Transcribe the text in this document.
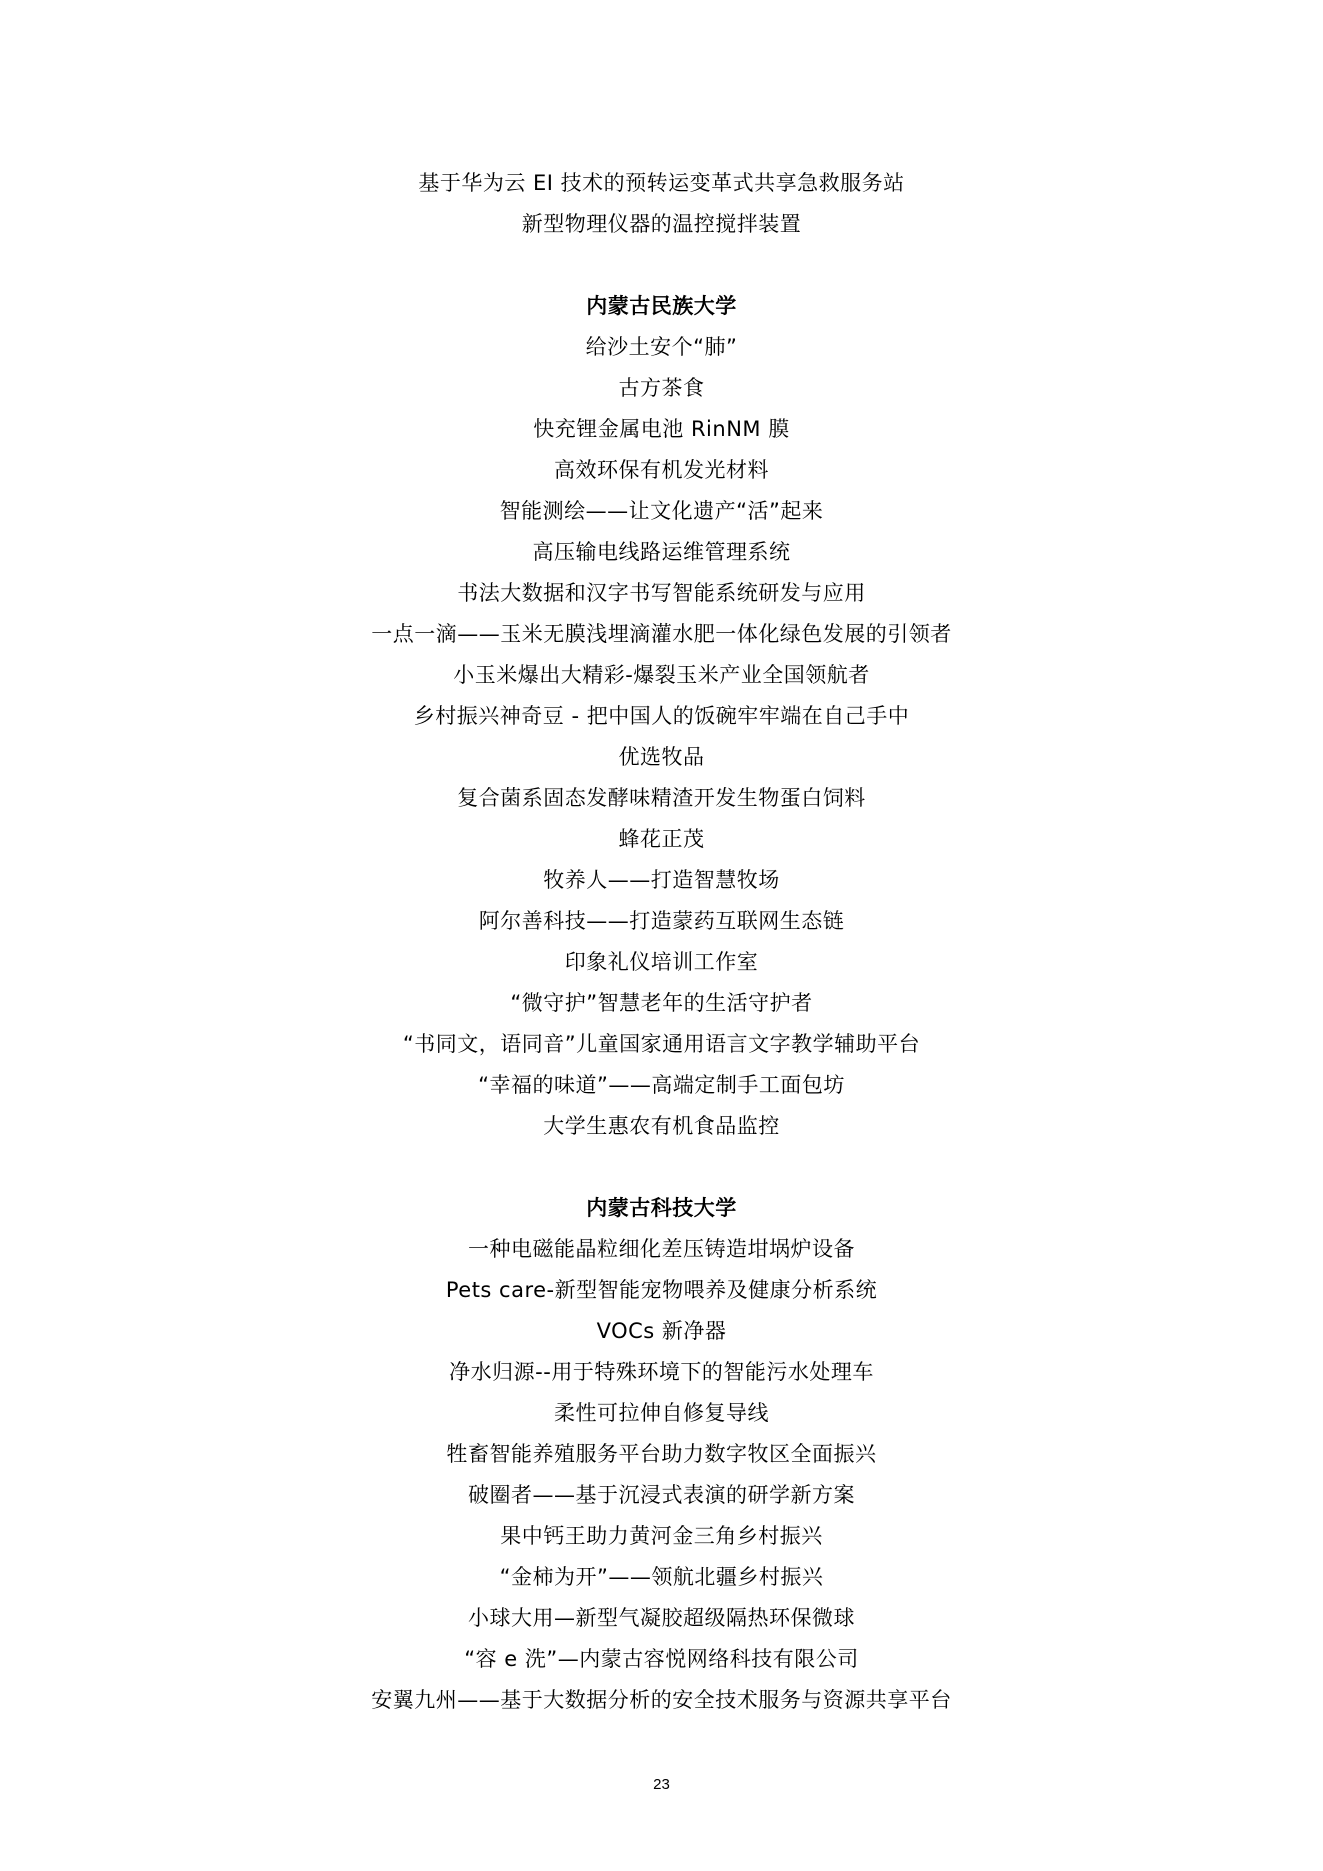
基于华为云 EI 技术的预转运变革式共享急救服务站
新型物理仪器的温控搅拌装置
内蒙古民族大学
给沙土安个“肺”
古方茶食
快充锂金属电池 RinNM 膜
高效环保有机发光材料
智能测绘——让文化遗产“活”起来
高压输电线路运维管理系统
书法大数据和汉字书写智能系统研发与应用
一点一滴——玉米无膜浅埋滴灌水肥一体化绿色发展的引领者
小玉米爆出大精彩-爆裂玉米产业全国领航者
乡村振兴神奇豆 - 把中国人的饭碗牢牢端在自己手中
优选牧品
复合菌系固态发酵味精渣开发生物蛋白饲料
蜂花正茂
牧养人——打造智慧牧场
阿尔善科技——打造蒙药互联网生态链
印象礼仪培训工作室
“微守护”智慧老年的生活守护者
“书同文，语同音”儿童国家通用语言文字教学辅助平台
“幸福的味道”——高端定制手工面包坊
大学生惠农有机食品监控
内蒙古科技大学
一种电磁能晶粒细化差压铸造坩埚炉设备
Pets care-新型智能宠物喂养及健康分析系统
VOCs 新净器
净水归源--用于特殊环境下的智能污水处理车
柔性可拉伸自修复导线
牲畜智能养殖服务平台助力数字牧区全面振兴
破圈者——基于沉浸式表演的研学新方案
果中钙王助力黄河金三角乡村振兴
“金柿为开”——领航北疆乡村振兴
小球大用—新型气凝胶超级隔热环保微球
“容 e 洗”—内蒙古容悦网络科技有限公司
安翼九州——基于大数据分析的安全技术服务与资源共享平台
23
